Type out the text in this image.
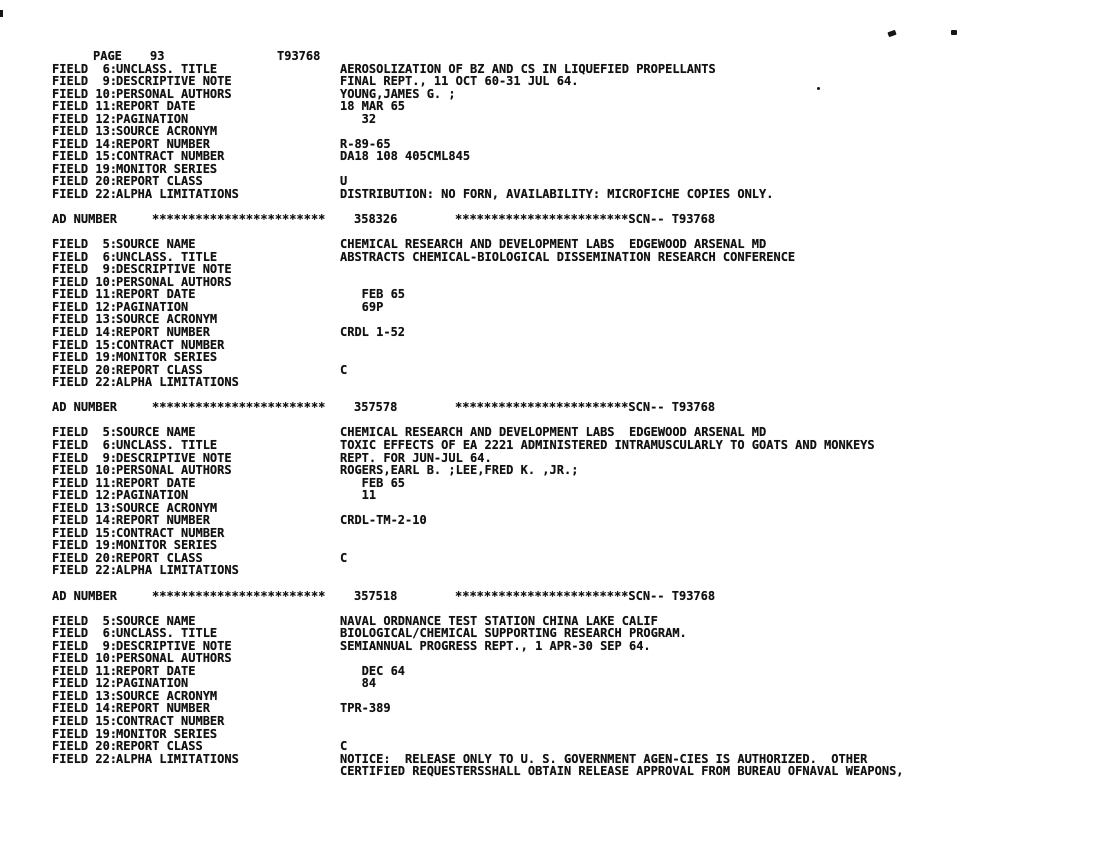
PAGE 93	T93768
FIELD  6:
UNCLASS. TITLE	AEROSOLIZATION OF BZ AND CS IN LIQUEFIED PROPELLANTS
FIELD  9:
DESCRIPTIVE NOTE	FINAL REPT., 11 OCT 60-31 JUL 64.
FIELD 10:
PERSONAL AUTHORS	YOUNG,JAMES G. ;
FIELD 11:
REPORT DATE	18 MAR 65
FIELD 12:
PAGINATION	32
FIELD 13:
SOURCE ACRONYM
FIELD 14:
REPORT NUMBER	R-89-65
FIELD 15:
CONTRACT NUMBER	DA18 108 405CML845
FIELD 19:
MONITOR SERIES
FIELD 20:
REPORT CLASS	U
FIELD 22:
ALPHA LIMITATIONS	DISTRIBUTION: NO FORN, AVAILABILITY: MICROFICHE COPIES ONLY.
AD NUMBER	************************ 358326	************************SCN-- T93768
FIELD  5:
SOURCE NAME	CHEMICAL RESEARCH AND DEVELOPMENT LABS  EDGEWOOD ARSENAL MD
FIELD  6:
UNCLASS. TITLE	ABSTRACTS CHEMICAL-BIOLOGICAL DISSEMINATION RESEARCH CONFERENCE
FIELD  9:
DESCRIPTIVE NOTE
FIELD 10:
PERSONAL AUTHORS
FIELD 11:
REPORT DATE	FEB 65
FIELD 12:
PAGINATION	69P
FIELD 13:
SOURCE ACRONYM
FIELD 14:
REPORT NUMBER	CRDL 1-52
FIELD 15:
CONTRACT NUMBER
FIELD 19:
MONITOR SERIES
FIELD 20:
REPORT CLASS	C
FIELD 22:
ALPHA LIMITATIONS
AD NUMBER	************************ 357578	************************SCN-- T93768
FIELD  5:
SOURCE NAME	CHEMICAL RESEARCH AND DEVELOPMENT LABS  EDGEWOOD ARSENAL MD
FIELD  6:
UNCLASS. TITLE	TOXIC EFFECTS OF EA 2221 ADMINISTERED INTRAMUSCULARLY TO GOATS AND MONKEYS
FIELD  9:
DESCRIPTIVE NOTE	REPT. FOR JUN-JUL 64.
FIELD 10:
PERSONAL AUTHORS	ROGERS,EARL B. ;LEE,FRED K. ,JR.;
FIELD 11:
REPORT DATE	FEB 65
FIELD 12:
PAGINATION	11
FIELD 13:
SOURCE ACRONYM
FIELD 14:
REPORT NUMBER	CRDL-TM-2-10
FIELD 15:
CONTRACT NUMBER
FIELD 19:
MONITOR SERIES
FIELD 20:
REPORT CLASS	C
FIELD 22:
ALPHA LIMITATIONS
AD NUMBER	************************ 357518	************************SCN-- T93768
FIELD  5:
SOURCE NAME	NAVAL ORDNANCE TEST STATION CHINA LAKE CALIF
FIELD  6:
UNCLASS. TITLE	BIOLOGICAL/CHEMICAL SUPPORTING RESEARCH PROGRAM.
FIELD  9:
DESCRIPTIVE NOTE	SEMIANNUAL PROGRESS REPT., 1 APR-30 SEP 64.
FIELD 10:
PERSONAL AUTHORS
FIELD 11:
REPORT DATE	DEC 64
FIELD 12:
PAGINATION	84
FIELD 13:
SOURCE ACRONYM
FIELD 14:
REPORT NUMBER	TPR-389
FIELD 15:
CONTRACT NUMBER
FIELD 19:
MONITOR SERIES
FIELD 20:
REPORT CLASS	C
FIELD 22:
ALPHA LIMITATIONS	NOTICE:  RELEASE ONLY TO U. S. GOVERNMENT AGEN-CIES IS AUTHORIZED.  OTHER
CERTIFIED REQUESTERSSHALL OBTAIN RELEASE APPROVAL FROM BUREAU OFNAVAL WEAPONS,
